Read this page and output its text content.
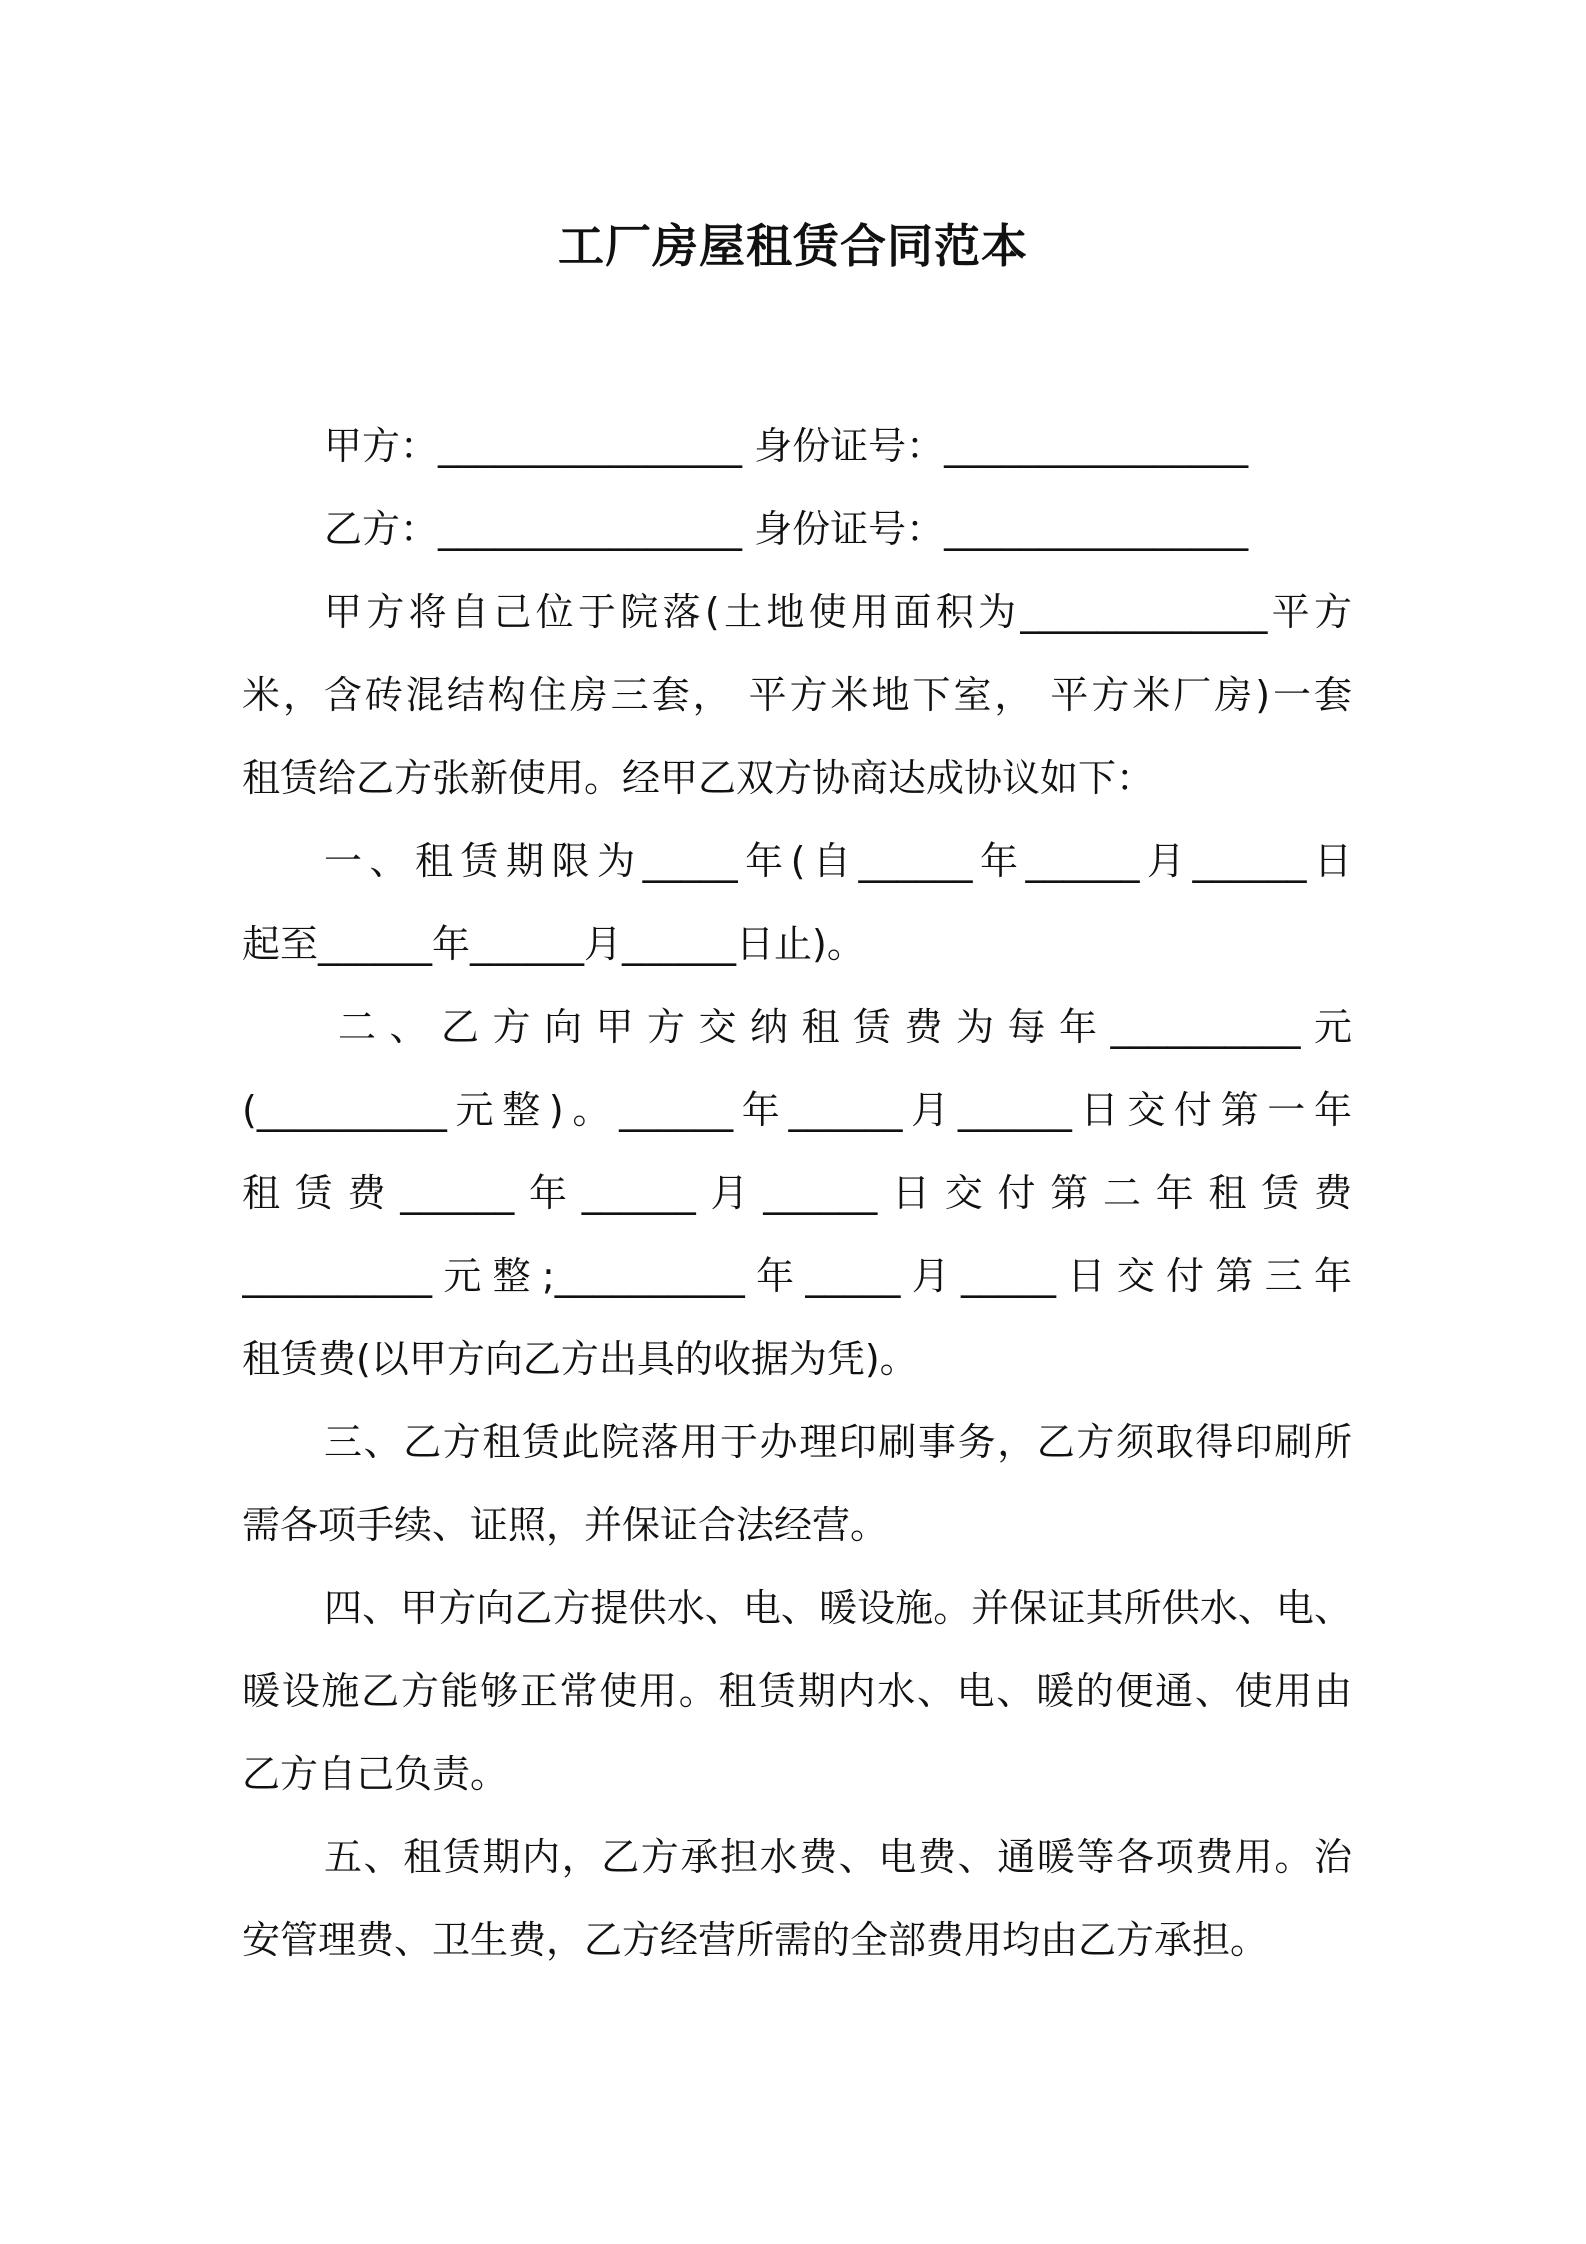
工厂房屋租赁合同范本
甲方：________________ 身份证号：________________
乙方：________________ 身份证号：________________
甲方将自己位于院落(土地使用面积为_____________平方
米，含砖混结构住房三套， 平方米地下室， 平方米厂房)一套
租赁给乙方张新使用。经甲乙双方协商达成协议如下：
一、租赁期限为_____年(自______年______月______日
起至______年______月______日止)。
二、乙方向甲方交纳租赁费为每年__________元
(__________元整)。______年______月______日交付第一年
租赁费______年______月______日交付第二年租赁费
__________元整;__________年_____月_____日交付第三年
租赁费(以甲方向乙方出具的收据为凭)。
三、乙方租赁此院落用于办理印刷事务，乙方须取得印刷所
需各项手续、证照，并保证合法经营。
四、甲方向乙方提供水、电、暖设施。并保证其所供水、电、
暖设施乙方能够正常使用。租赁期内水、电、暖的便通、使用由
乙方自己负责。
五、租赁期内，乙方承担水费、电费、通暖等各项费用。治
安管理费、卫生费，乙方经营所需的全部费用均由乙方承担。
